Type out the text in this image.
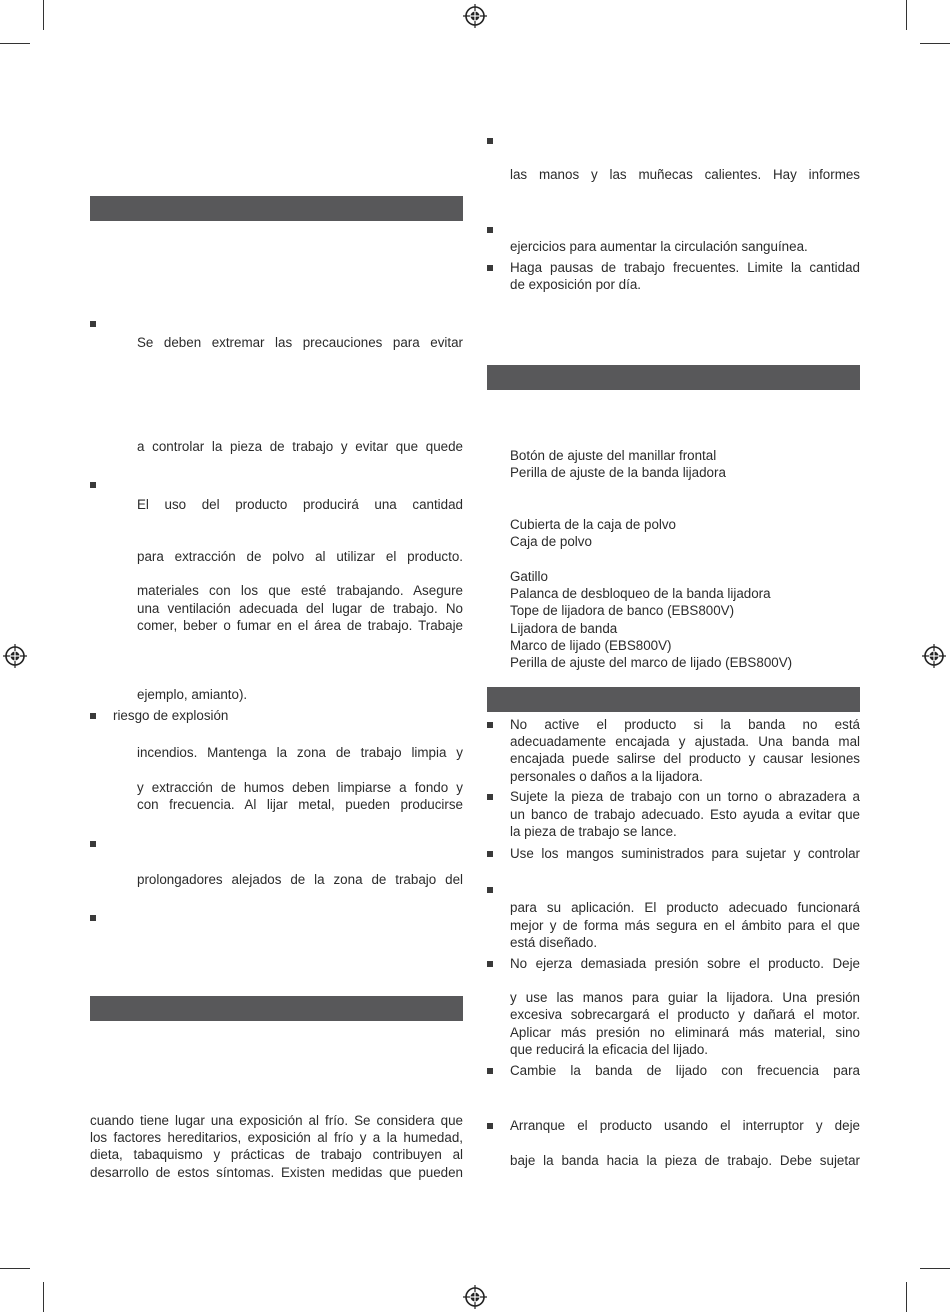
Se deben extremar las precauciones para evitar
a controlar la pieza de trabajo y evitar que quede
El uso del producto producirá una cantidad
para extracción de polvo al utilizar el producto.
materiales con los que esté trabajando. Asegure
una ventilación adecuada del lugar de trabajo. No
comer, beber o fumar en el área de trabajo. Trabaje
ejemplo, amianto).
riesgo de explosión
incendios. Mantenga la zona de trabajo limpia y
y extracción de humos deben limpiarse a fondo y
con frecuencia. Al lijar metal, pueden producirse
prolongadores alejados de la zona de trabajo del
cuando tiene lugar una exposición al frío. Se considera que
los factores hereditarios, exposición al frío y a la humedad,
dieta, tabaquismo y prácticas de trabajo contribuyen al
desarrollo de estos síntomas. Existen medidas que pueden
las manos y las muñecas calientes. Hay informes
ejercicios para aumentar la circulación sanguínea.
Haga pausas de trabajo frecuentes. Limite la cantidad
de exposición por día.
Botón de ajuste del manillar frontal
Perilla de ajuste de la banda lijadora
Cubierta de la caja de polvo
Caja de polvo
Gatillo
Palanca de desbloqueo de la banda lijadora
Tope de lijadora de banco (EBS800V)
Lijadora de banda
Marco de lijado (EBS800V)
Perilla de ajuste del marco de lijado (EBS800V)
No active el producto si la banda no está
adecuadamente encajada y ajustada. Una banda mal
encajada puede salirse del producto y causar lesiones
personales o daños a la lijadora.
Sujete la pieza de trabajo con un torno o abrazadera a
un banco de trabajo adecuado. Esto ayuda a evitar que
la pieza de trabajo se lance.
Use los mangos suministrados para sujetar y controlar
para su aplicación. El producto adecuado funcionará
mejor y de forma más segura en el ámbito para el que
está diseñado.
No ejerza demasiada presión sobre el producto. Deje
y use las manos para guiar la lijadora. Una presión
excesiva sobrecargará el producto y dañará el motor.
Aplicar más presión no eliminará más material, sino
que reducirá la eficacia del lijado.
Cambie la banda de lijado con frecuencia para
Arranque el producto usando el interruptor y deje
baje la banda hacia la pieza de trabajo. Debe sujetar
